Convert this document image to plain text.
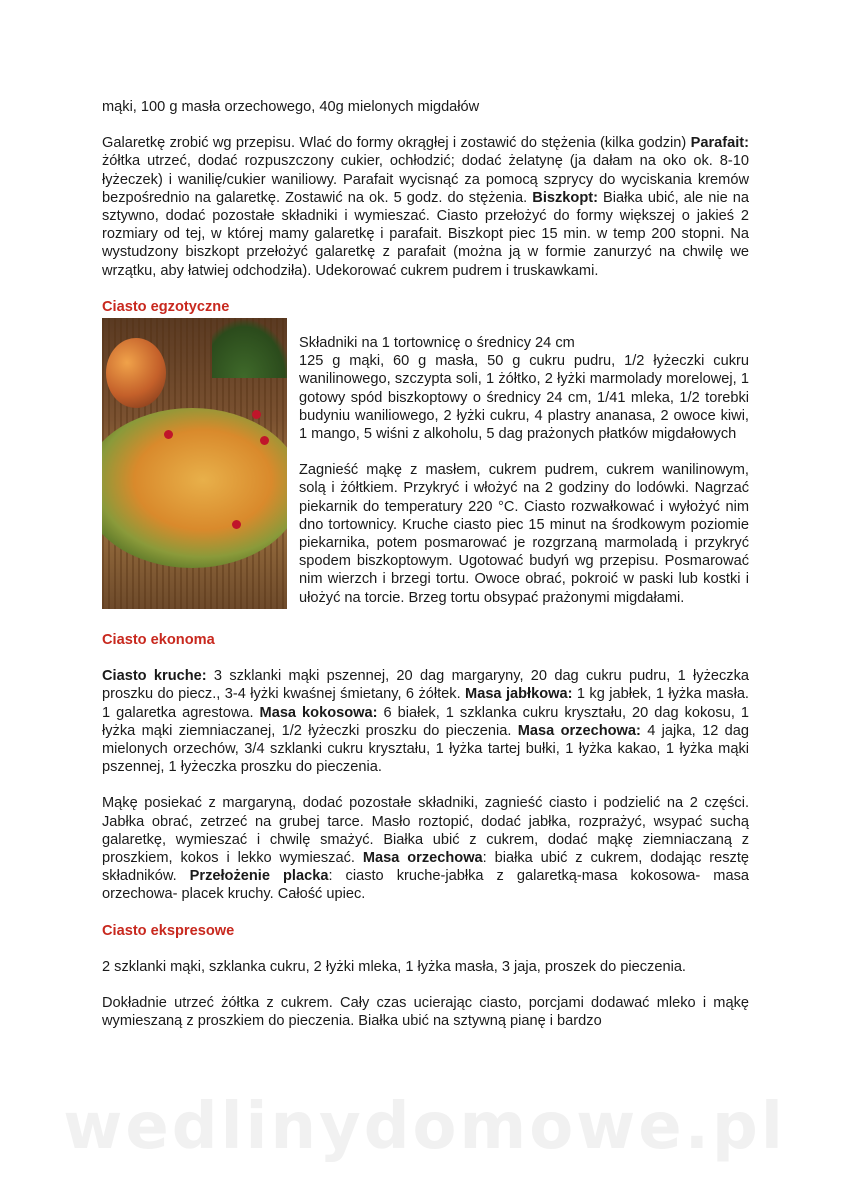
mąki, 100 g masła orzechowego, 40g mielonych migdałów

Galaretkę zrobić wg przepisu. Wlać do formy okrągłej i zostawić do stężenia (kilka godzin) Parafait: żółtka utrzeć, dodać rozpuszczony cukier, ochłodzić; dodać żelatynę (ja dałam na oko ok. 8-10 łyżeczek) i wanilię/cukier waniliowy. Parafait wycisnąć za pomocą szprycy do wyciskania kremów bezpośrednio na galaretkę. Zostawić na ok. 5 godz. do stężenia. Biszkopt: Białka ubić, ale nie na sztywno, dodać pozostałe składniki i wymieszać. Ciasto przełożyć do formy większej o jakieś 2 rozmiary od tej, w której mamy galaretkę i parafait. Biszkopt piec 15 min. w temp 200 stopni. Na wystudzony biszkopt przełożyć galaretkę z parafait (można ją w formie zanurzyć na chwilę we wrzątku, aby łatwiej odchodziła). Udekorować cukrem pudrem i truskawkami.

Ciasto egzotyczne

Składniki na 1 tortownicę o średnicy 24 cm

125 g mąki, 60 g masła, 50 g cukru pudru, 1/2 łyżeczki cukru wanilinowego, szczypta soli, 1 żółtko, 2 łyżki marmolady morelowej, 1 gotowy spód biszkoptowy o średnicy 24 cm, 1/41 mleka, 1/2 torebki budyniu waniliowego, 2 łyżki cukru, 4 plastry ananasa, 2 owoce kiwi, 1 mango, 5 wiśni z alkoholu, 5 dag prażonych płatków migdałowych

Zagnieść mąkę z masłem, cukrem pudrem, cukrem wanilinowym, solą i żółtkiem. Przykryć i włożyć na 2 godziny do lodówki. Nagrzać piekarnik do temperatury 220 °C. Ciasto rozwałkować i wyłożyć nim dno tortownicy. Kruche ciasto piec 15 minut na środkowym poziomie piekarnika, potem posmarować je rozgrzaną marmoladą i przykryć spodem biszkoptowym. Ugotować budyń wg przepisu. Posmarować nim wierzch i brzegi tortu. Owoce obrać, pokroić w paski lub kostki i ułożyć na torcie. Brzeg tortu obsypać prażonymi migdałami.

Ciasto ekonoma

Ciasto kruche: 3 szklanki mąki pszennej, 20 dag margaryny, 20 dag cukru pudru, 1 łyżeczka proszku do piecz., 3-4 łyżki kwaśnej śmietany, 6 żółtek. Masa jabłkowa: 1 kg jabłek, 1 łyżka masła. 1 galaretka agrestowa. Masa kokosowa: 6 białek, 1 szklanka cukru kryształu, 20 dag kokosu, 1 łyżka mąki ziemniaczanej, 1/2 łyżeczki proszku do pieczenia. Masa orzechowa: 4 jajka, 12 dag mielonych orzechów, 3/4 szklanki cukru kryształu, 1 łyżka tartej bułki, 1 łyżka kakao, 1 łyżka mąki pszennej, 1 łyżeczka proszku do pieczenia.

Mąkę posiekać z margaryną, dodać pozostałe składniki, zagnieść ciasto i podzielić na 2 części. Jabłka obrać, zetrzeć na grubej tarce. Masło roztopić, dodać jabłka, rozprażyć, wsypać suchą galaretkę, wymieszać i chwilę smażyć. Białka ubić z cukrem, dodać mąkę ziemniaczaną z proszkiem, kokos i lekko wymieszać. Masa orzechowa: białka ubić z cukrem, dodając resztę składników. Przełożenie placka: ciasto kruche-jabłka z galaretką-masa kokosowa- masa orzechowa- placek kruchy. Całość upiec.

Ciasto ekspresowe

2 szklanki mąki, szklanka cukru, 2 łyżki mleka, 1 łyżka masła, 3 jaja, proszek do pieczenia.

Dokładnie utrzeć żółtka z cukrem. Cały czas ucierając ciasto, porcjami dodawać mleko i mąkę wymieszaną z proszkiem do pieczenia. Białka ubić na sztywną pianę i bardzo

wedlinydomowe.pl
